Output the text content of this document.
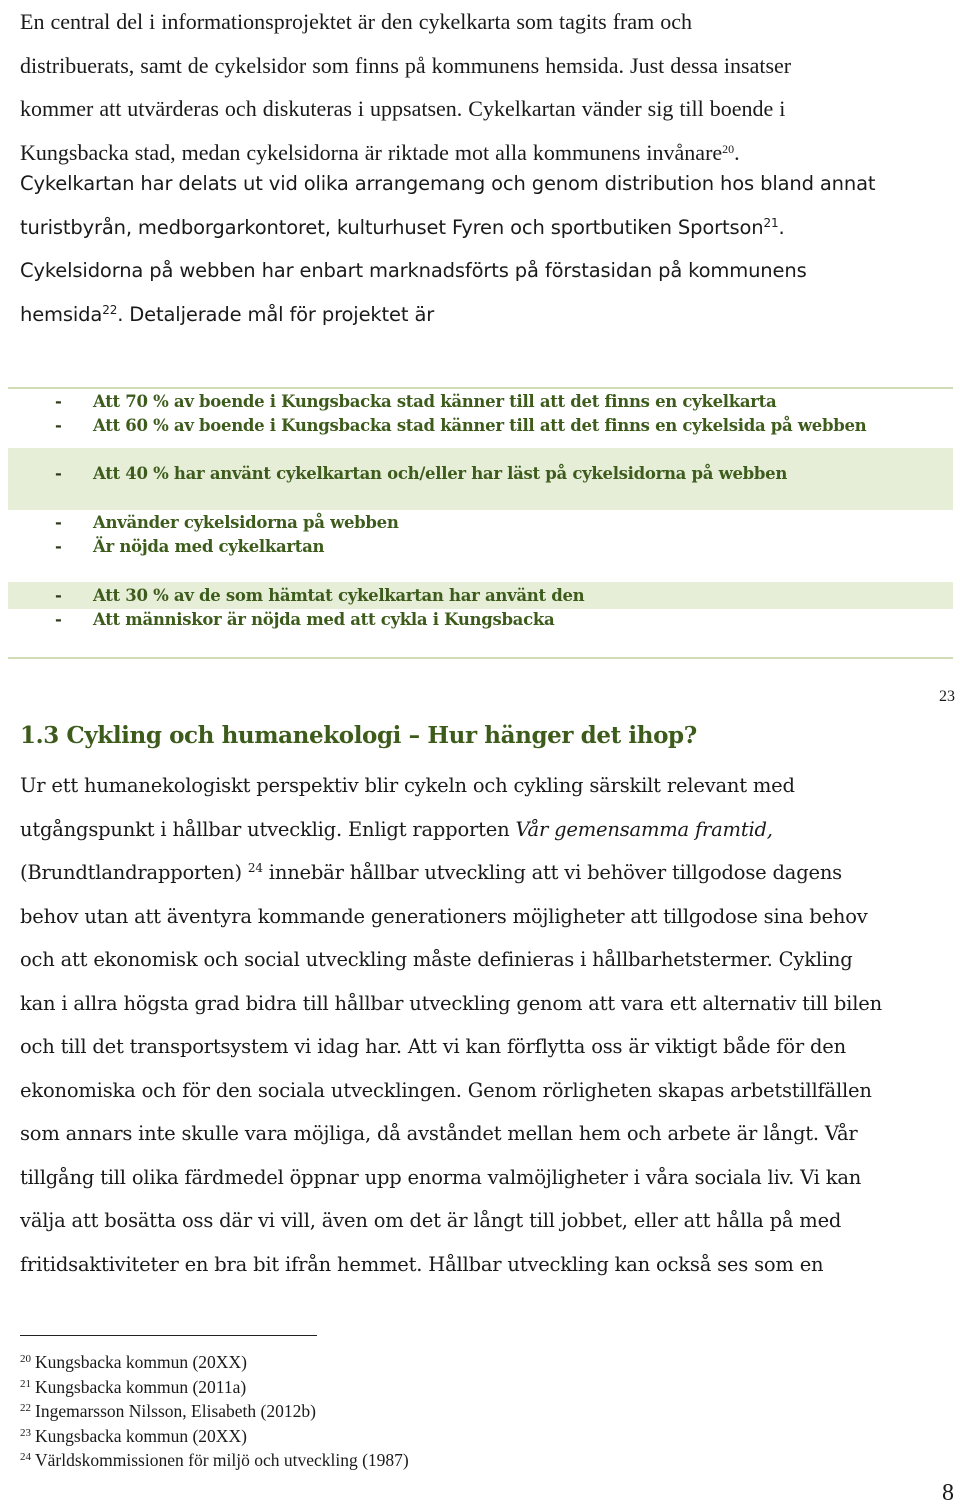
En central del i informationsprojektet är den cykelkarta som tagits fram och

distribuerats, samt de cykelsidor som finns på kommunens hemsida. Just dessa insatser

kommer att utvärderas och diskuteras i uppsatsen. Cykelkartan vänder sig till boende i

Kungsbacka stad, medan cykelsidorna är riktade mot alla kommunens invånare$^{20}$.

Cykelkartan har delats ut vid olika arrangemang och genom distribution hos bland annat

turistbyrån, medborgarkontoret, kulturhuset Fyren och sportbutiken Sportson$^{21}$.

Cykelsidorna på webben har enbart marknadsförts på förstasidan på kommunens

hemsida$^{22}$. Detaljerade mål för projektet är

- Att 70 % av boende i Kungsbacka stad känner till att det finns en cykelkarta
- Att 60 % av boende i Kungsbacka stad känner till att det finns en cykelsida på webben
- Att 40 % har använt cykelkartan och/eller har läst på cykelsidorna på webben
- Använder cykelsidorna på webben
- Är nöjda med cykelkartan
- Att 30 % av de som hämtat cykelkartan har använt den
- Att människor är nöjda med att cykla i Kungsbacka
23
1.3 Cykling och humanekologi – Hur hänger det ihop?

Ur ett humanekologiskt perspektiv blir cykeln och cykling särskilt relevant med

utgångspunkt i hållbar utvecklig. Enligt rapporten Vår gemensamma framtid,

(Brundtlandrapporten) $^{24}$ innebär hållbar utveckling att vi behöver tillgodose dagens

behov utan att äventyra kommande generationers möjligheter att tillgodose sina behov

och att ekonomisk och social utveckling måste definieras i hållbarhetstermer. Cykling

kan i allra högsta grad bidra till hållbar utveckling genom att vara ett alternativ till bilen

och till det transportsystem vi idag har. Att vi kan förflytta oss är viktigt både för den

ekonomiska och för den sociala utvecklingen. Genom rörligheten skapas arbetstillfällen

som annars inte skulle vara möjliga, då avståndet mellan hem och arbete är långt. Vår

tillgång till olika färdmedel öppnar upp enorma valmöjligheter i våra sociala liv. Vi kan

välja att bosätta oss där vi vill, även om det är långt till jobbet, eller att hålla på med

fritidsaktiviteter en bra bit ifrån hemmet. Hållbar utveckling kan också ses som en

$^{20}$ Kungsbacka kommun (20XX)
$^{21}$ Kungsbacka kommun (2011a)
$^{22}$ Ingemarsson Nilsson, Elisabeth (2012b)
$^{23}$ Kungsbacka kommun (20XX)
$^{24}$ Världskommissionen för miljö och utveckling (1987)
8
